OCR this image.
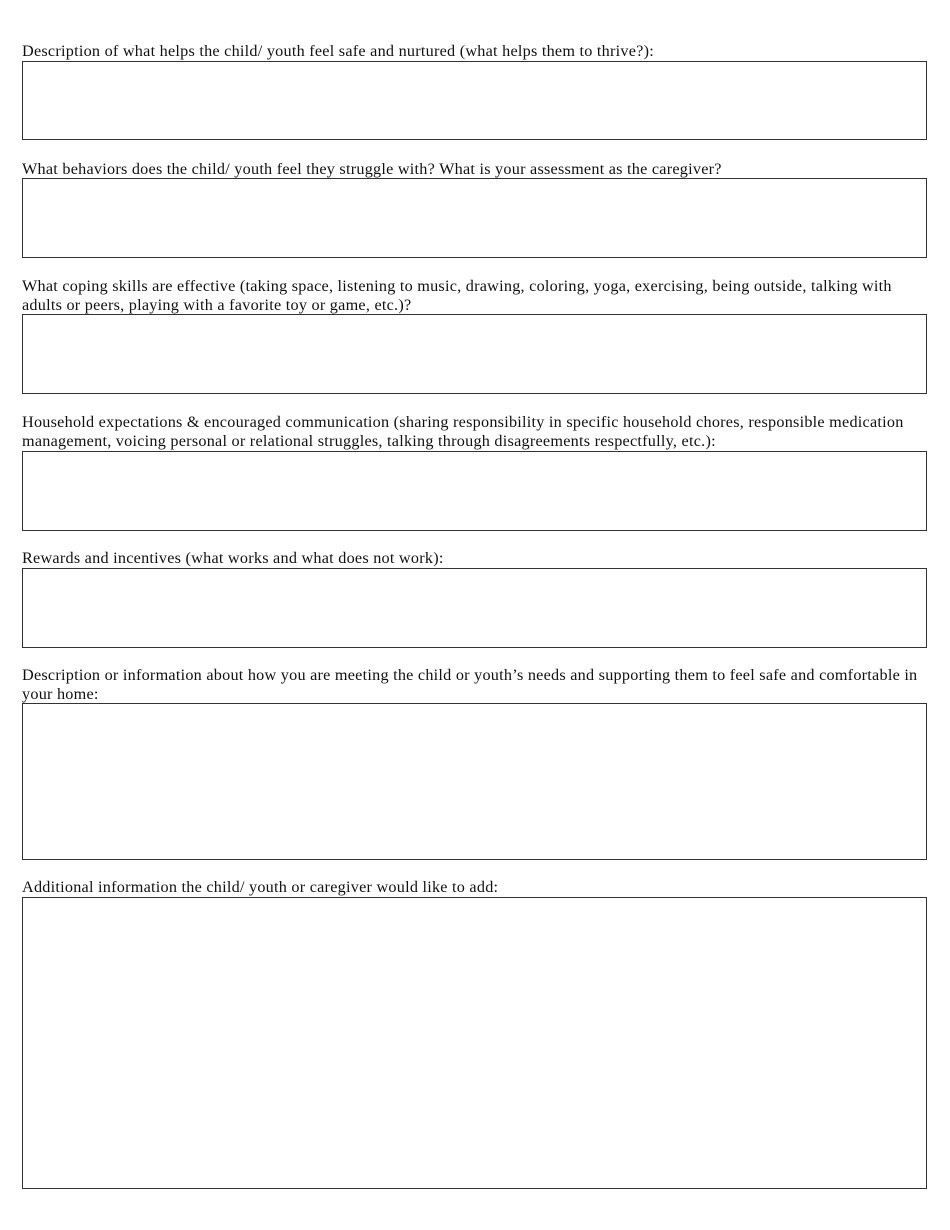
Description of what helps the child/ youth feel safe and nurtured (what helps them to thrive?):
What behaviors does the child/ youth feel they struggle with? What is your assessment as the caregiver?
What coping skills are effective (taking space, listening to music, drawing, coloring, yoga, exercising, being outside, talking with adults or peers, playing with a favorite toy or game, etc.)?
Household expectations & encouraged communication (sharing responsibility in specific household chores, responsible medication management, voicing personal or relational struggles, talking through disagreements respectfully, etc.):
Rewards and incentives (what works and what does not work):
Description or information about how you are meeting the child or youth’s needs and supporting them to feel safe and comfortable in your home:
Additional information the child/ youth or caregiver would like to add:
